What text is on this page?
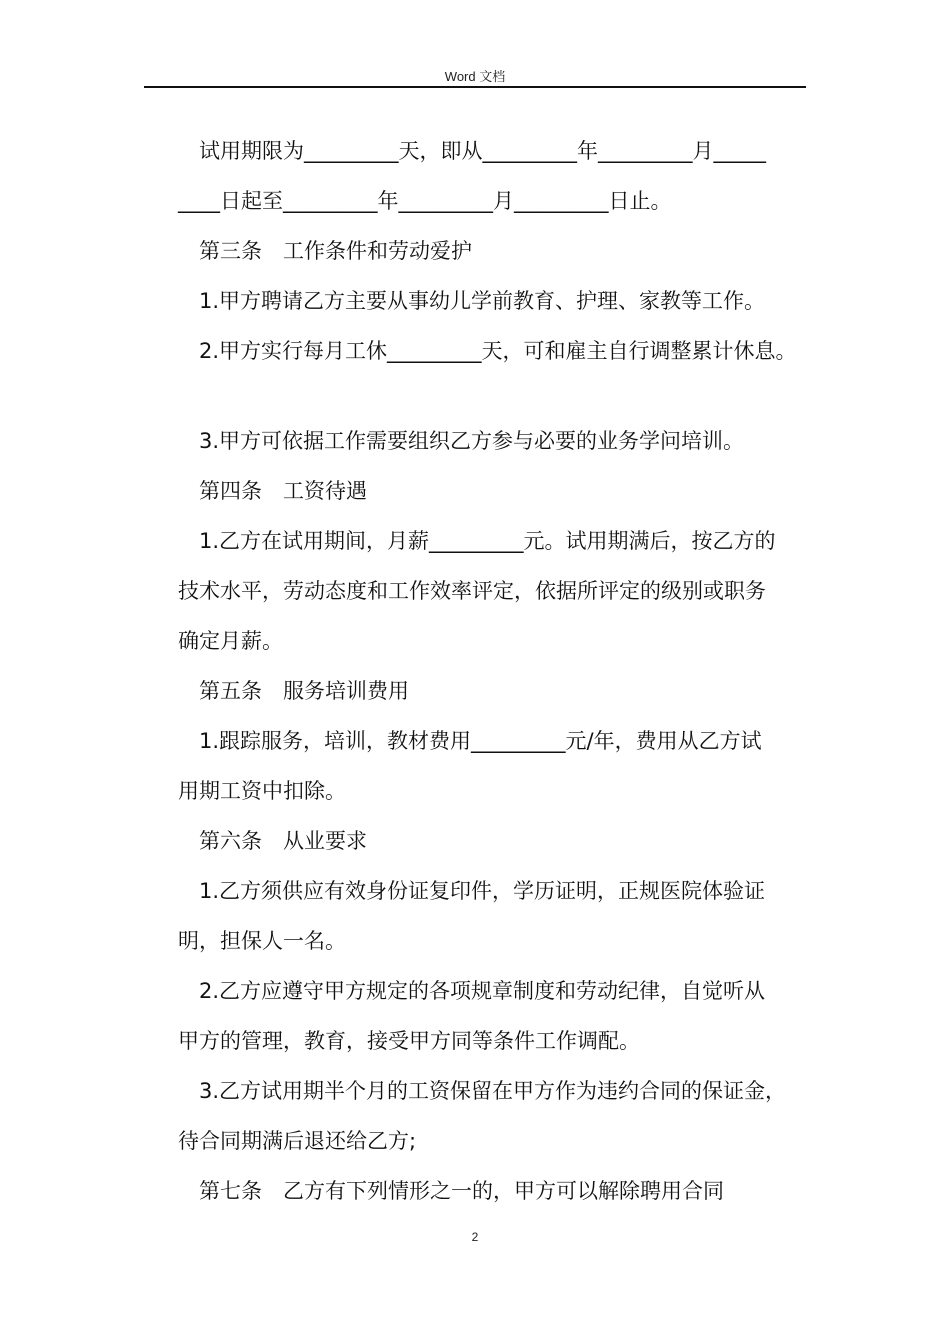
Word 文档

试用期限为_________天，即从_________年_________月_____

____日起至_________年_________月_________日止。

第三条　工作条件和劳动爱护

1.甲方聘请乙方主要从事幼儿学前教育、护理、家教等工作。

2.甲方实行每月工休_________天，可和雇主自行调整累计休息。

3.甲方可依据工作需要组织乙方参与必要的业务学问培训。

第四条　工资待遇

1.乙方在试用期间，月薪_________元。试用期满后，按乙方的

技术水平，劳动态度和工作效率评定，依据所评定的级别或职务

确定月薪。

第五条　服务培训费用

1.跟踪服务，培训，教材费用_________元/年，费用从乙方试

用期工资中扣除。

第六条　从业要求

1.乙方须供应有效身份证复印件，学历证明，正规医院体验证

明，担保人一名。

2.乙方应遵守甲方规定的各项规章制度和劳动纪律，自觉听从

甲方的管理，教育，接受甲方同等条件工作调配。

3.乙方试用期半个月的工资保留在甲方作为违约合同的保证金，

待合同期满后退还给乙方;

第七条　乙方有下列情形之一的，甲方可以解除聘用合同

2
